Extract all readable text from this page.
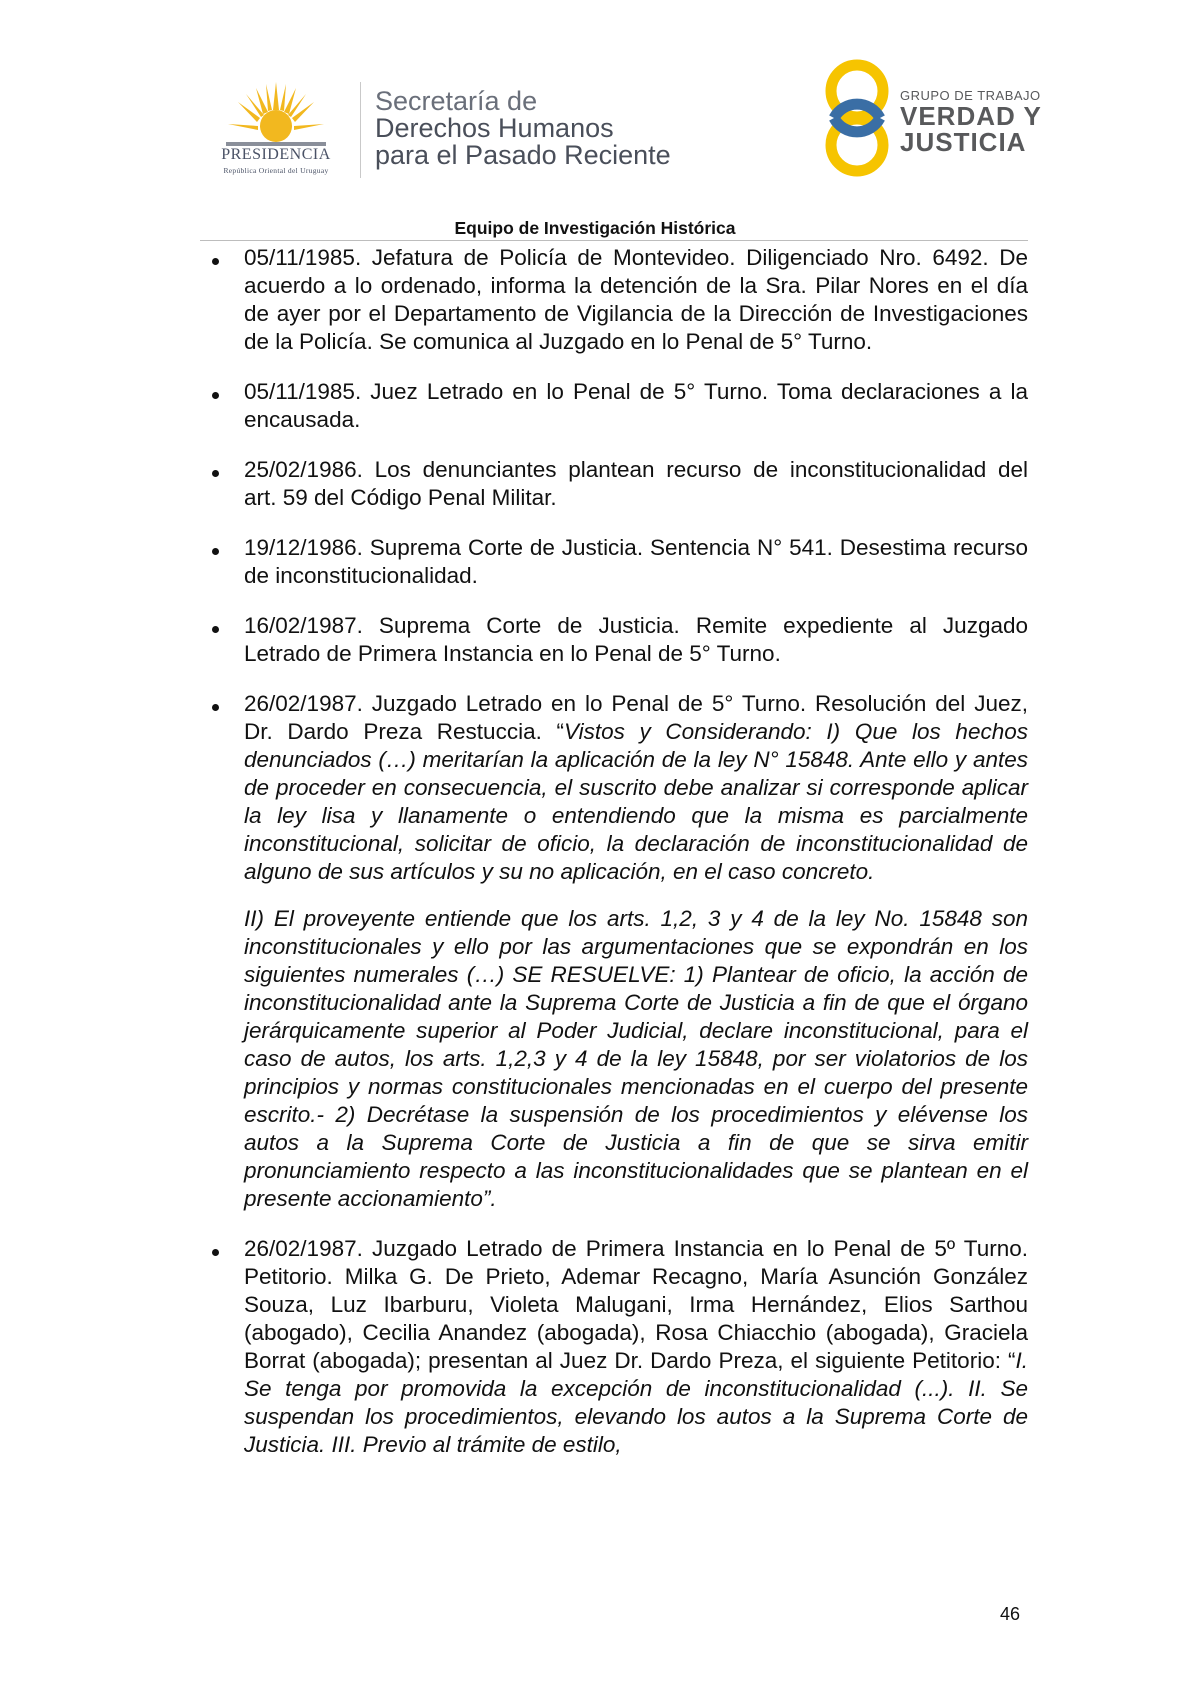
PRESIDENCIA
República Oriental del Uruguay
Secretaría de
Derechos Humanos
para el Pasado Reciente
GRUPO DE TRABAJO
VERDAD Y
JUSTICIA
Equipo de Investigación Histórica

05/11/1985. Jefatura de Policía de Montevideo. Diligenciado Nro. 6492. De acuerdo a lo ordenado, informa la detención de la Sra. Pilar Nores en el día de ayer por el Departamento de Vigilancia de la Dirección de Investigaciones de la Policía. Se comunica al Juzgado en lo Penal de 5° Turno.

05/11/1985. Juez Letrado en lo Penal de 5° Turno. Toma declaraciones a la encausada.

25/02/1986. Los denunciantes plantean recurso de inconstitucionalidad del art. 59 del Código Penal Militar.

19/12/1986. Suprema Corte de Justicia. Sentencia N° 541. Desestima recurso de inconstitucionalidad.

16/02/1987. Suprema Corte de Justicia. Remite expediente al Juzgado Letrado de Primera Instancia en lo Penal de 5° Turno.

26/02/1987. Juzgado Letrado en lo Penal de 5° Turno. Resolución del Juez, Dr. Dardo Preza Restuccia. “Vistos y Considerando: I) Que los hechos denunciados (…) meritarían la aplicación de la ley N° 15848. Ante ello y antes de proceder en consecuencia, el suscrito debe analizar si corresponde aplicar la ley lisa y llanamente o entendiendo que la misma es parcialmente inconstitucional, solicitar de oficio, la declaración de inconstitucionalidad de alguno de sus artículos y su no aplicación, en el caso concreto.

II) El proveyente entiende que los arts. 1,2, 3 y 4 de la ley No. 15848 son inconstitucionales y ello por las argumentaciones que se expondrán en los siguientes numerales (…) SE RESUELVE: 1) Plantear de oficio, la acción de inconstitucionalidad ante la Suprema Corte de Justicia a fin de que el órgano jerárquicamente superior al Poder Judicial, declare inconstitucional, para el caso de autos, los arts. 1,2,3 y 4 de la ley 15848, por ser violatorios de los principios y normas constitucionales mencionadas en el cuerpo del presente escrito.- 2) Decrétase la suspensión de los procedimientos y elévense los autos a la Suprema Corte de Justicia a fin de que se sirva emitir pronunciamiento respecto a las inconstitucionalidades que se plantean en el presente accionamiento”.

26/02/1987. Juzgado Letrado de Primera Instancia en lo Penal de 5º Turno. Petitorio. Milka G. De Prieto, Ademar Recagno, María Asunción González Souza, Luz Ibarburu, Violeta Malugani, Irma Hernández, Elios Sarthou (abogado), Cecilia Anandez (abogada), Rosa Chiacchio (abogada), Graciela Borrat (abogada); presentan al Juez Dr. Dardo Preza, el siguiente Petitorio: “I. Se tenga por promovida la excepción de inconstitucionalidad (...). II. Se suspendan los procedimientos, elevando los autos a la Suprema Corte de Justicia. III. Previo al trámite de estilo,

46
